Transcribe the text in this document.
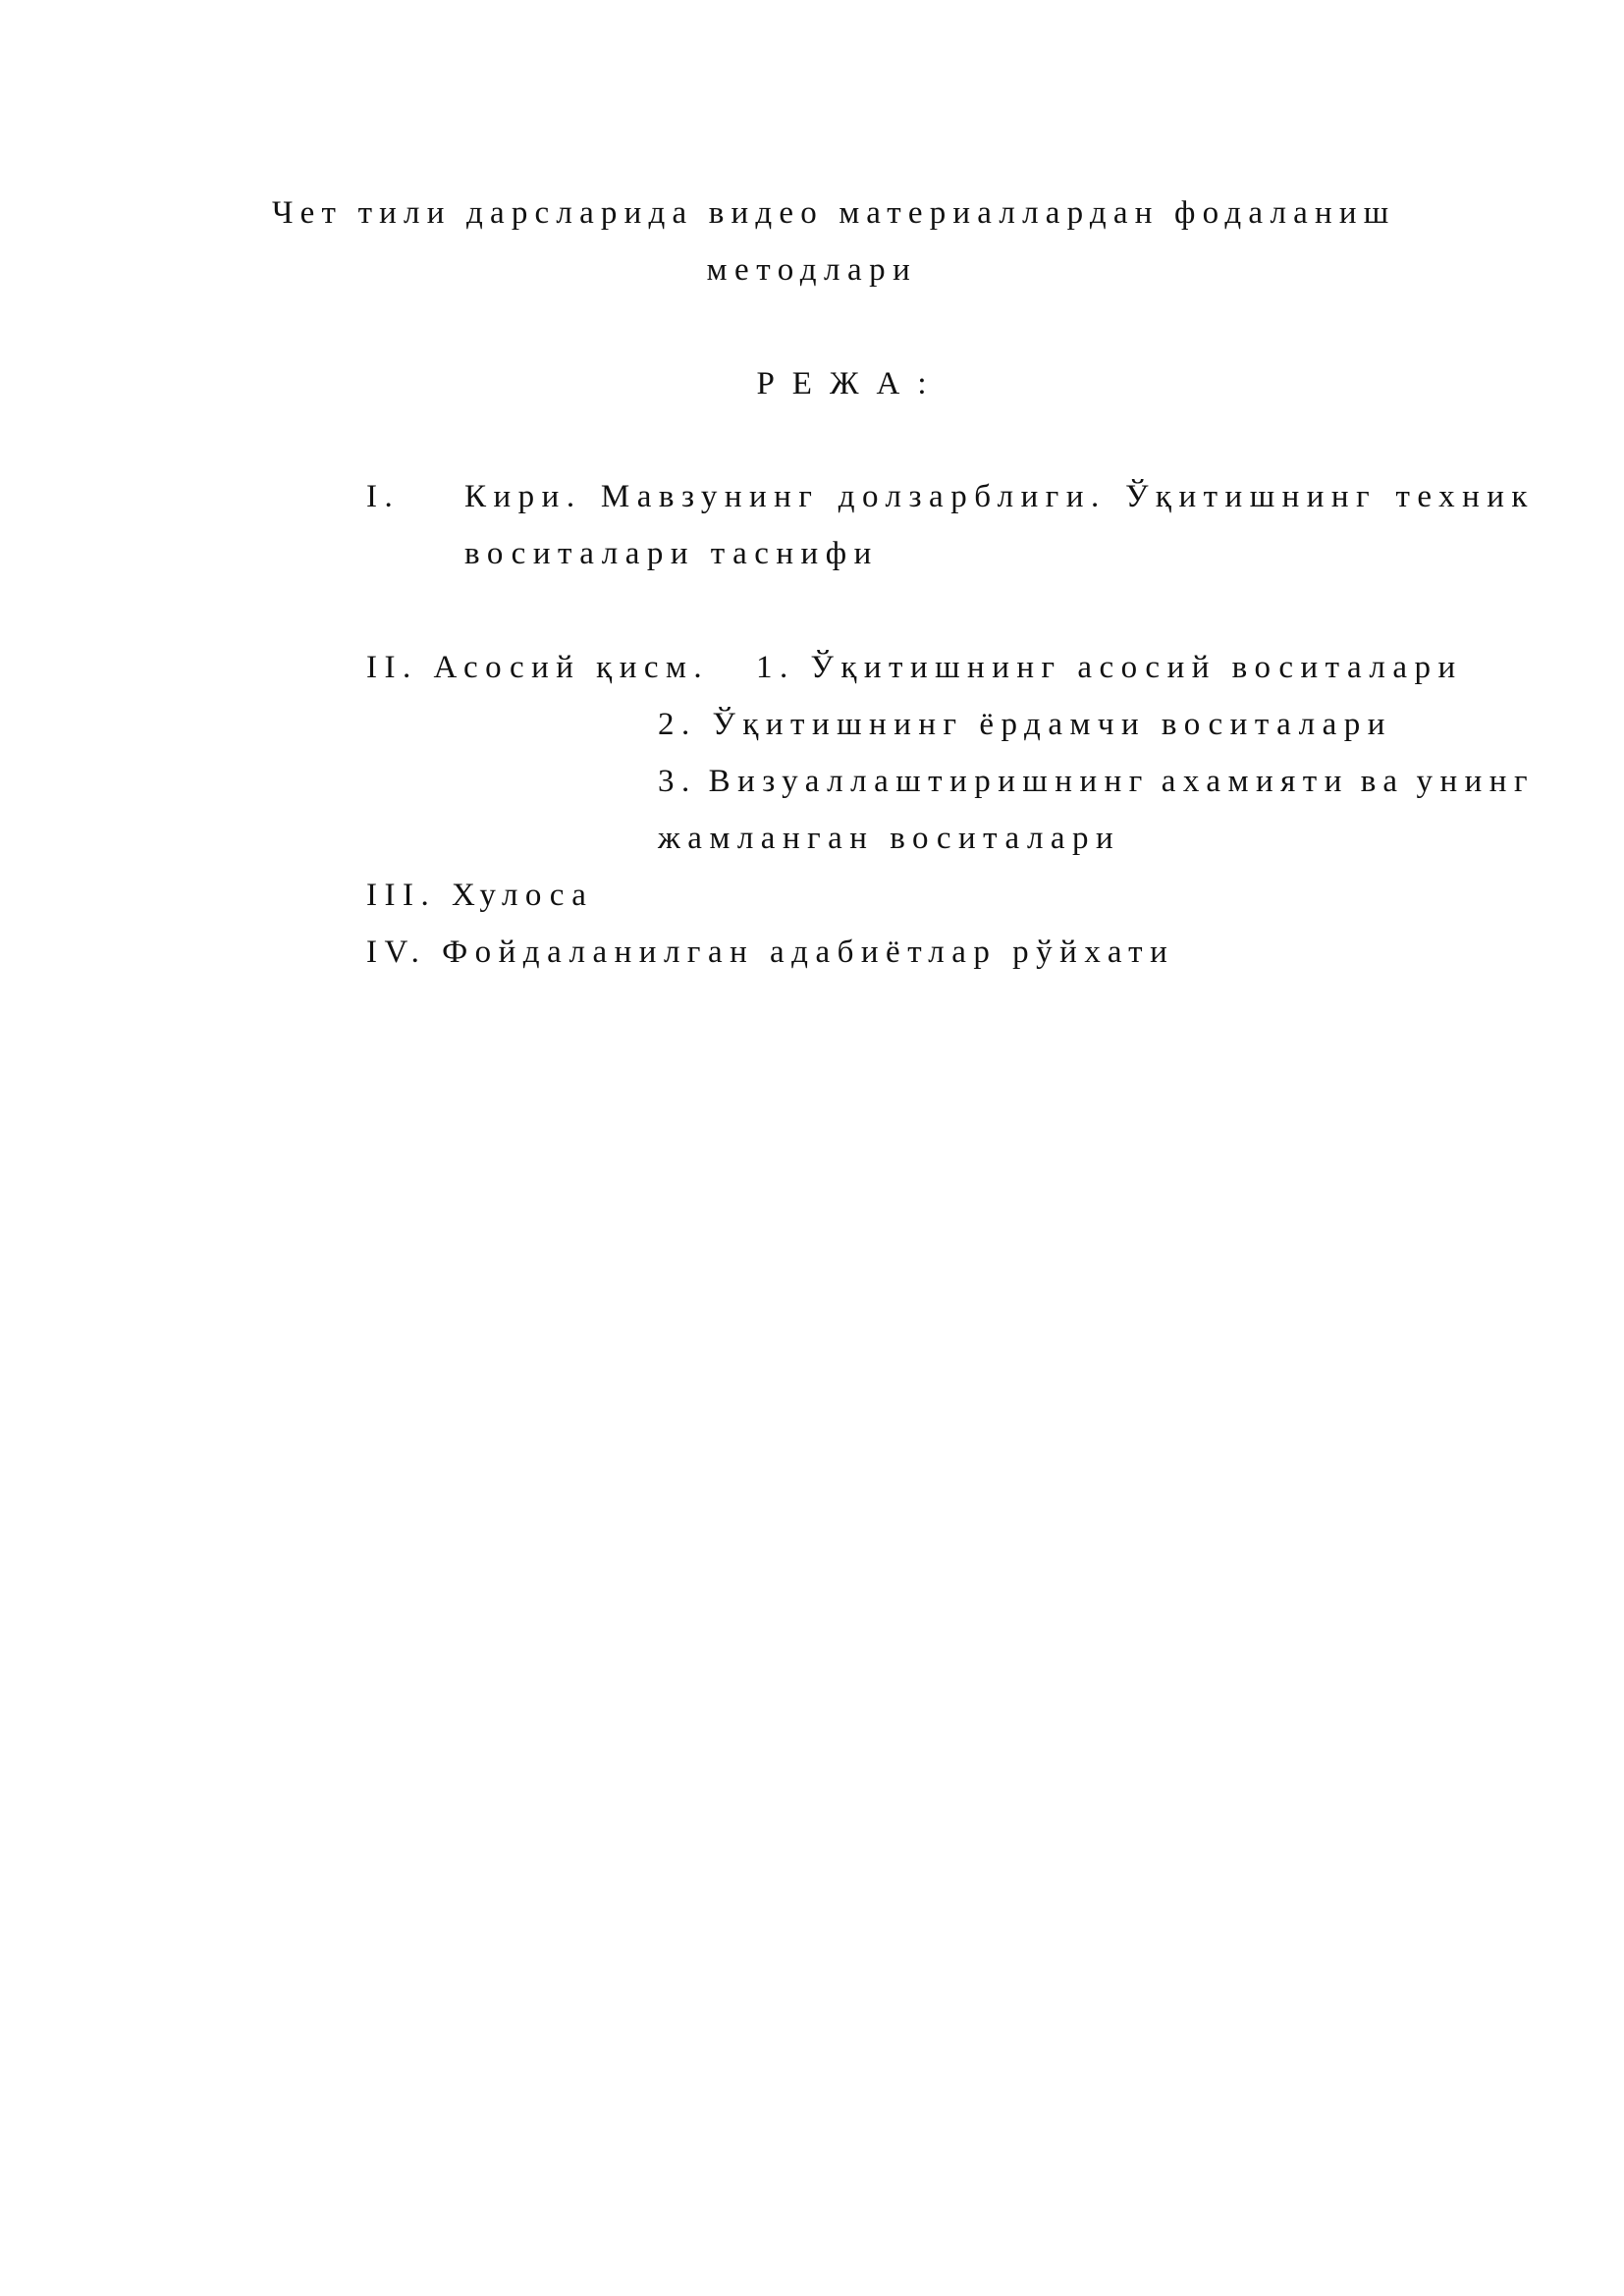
Чет тили дарсларида видео материаллардан фодаланиш
методлари
РЕЖА:
I. Кири. Мавзунинг долзарблиги. Ўқитишнинг техник
воситалари таснифи
II. Асосий қисм. 1. Ўқитишнинг асосий воситалари
2. Ўқитишнинг ёрдамчи воситалари
3. Визуаллаштиришнинг ахамияти ва унинг
жамланган воситалари
III. Хулоса
IV. Фойдаланилган адабиётлар рўйхати
